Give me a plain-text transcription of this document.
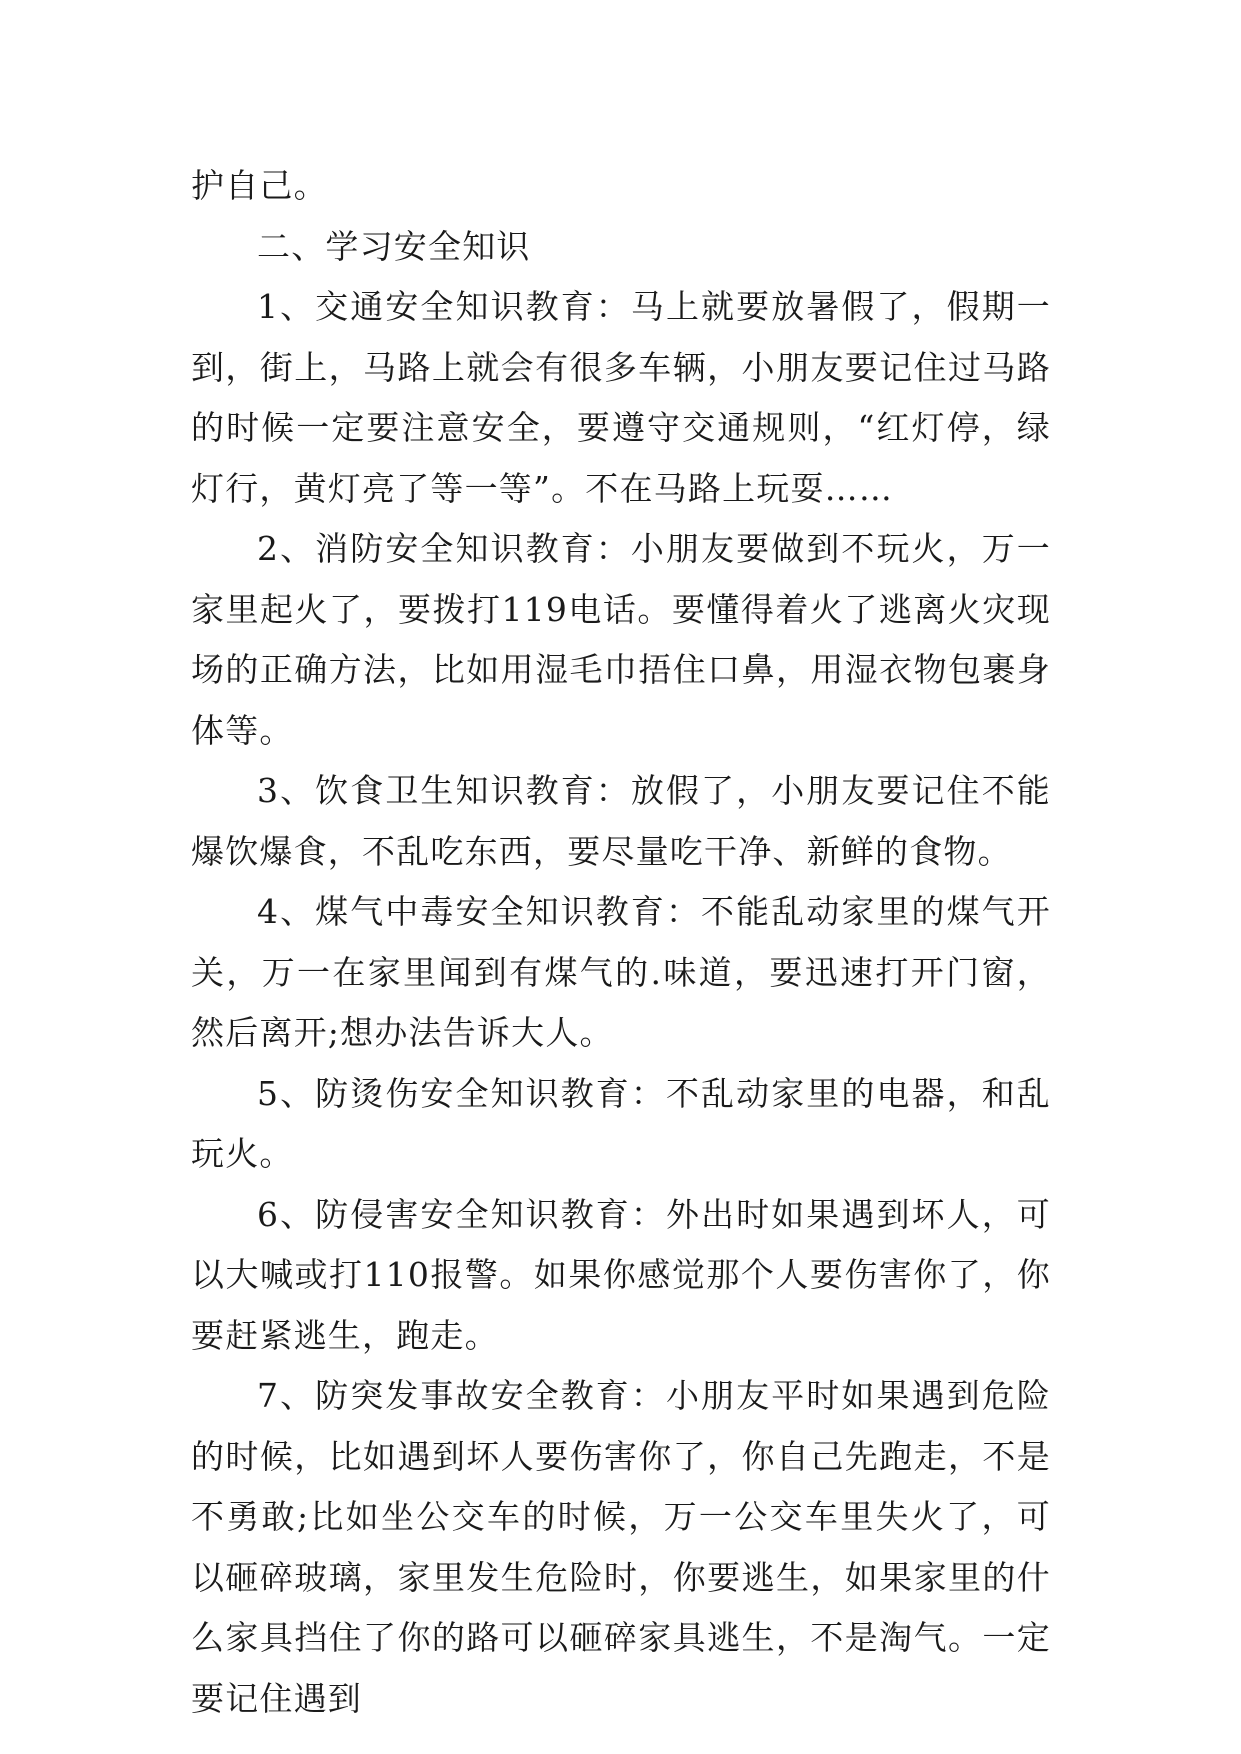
护自己。

二、学习安全知识

1、交通安全知识教育：马上就要放暑假了，假期一到，街上，马路上就会有很多车辆，小朋友要记住过马路的时候一定要注意安全，要遵守交通规则，“红灯停，绿灯行，黄灯亮了等一等”。不在马路上玩耍……

2、消防安全知识教育：小朋友要做到不玩火，万一家里起火了，要拨打119电话。要懂得着火了逃离火灾现场的正确方法，比如用湿毛巾捂住口鼻，用湿衣物包裹身体等。

3、饮食卫生知识教育：放假了，小朋友要记住不能爆饮爆食，不乱吃东西，要尽量吃干净、新鲜的食物。

4、煤气中毒安全知识教育：不能乱动家里的煤气开关，万一在家里闻到有煤气的.味道，要迅速打开门窗，然后离开;想办法告诉大人。

5、防烫伤安全知识教育：不乱动家里的电器，和乱玩火。

6、防侵害安全知识教育：外出时如果遇到坏人，可以大喊或打110报警。如果你感觉那个人要伤害你了，你要赶紧逃生，跑走。

7、防突发事故安全教育：小朋友平时如果遇到危险的时候，比如遇到坏人要伤害你了，你自己先跑走，不是不勇敢;比如坐公交车的时候，万一公交车里失火了，可以砸碎玻璃，家里发生危险时，你要逃生，如果家里的什么家具挡住了你的路可以砸碎家具逃生，不是淘气。一定要记住遇到
